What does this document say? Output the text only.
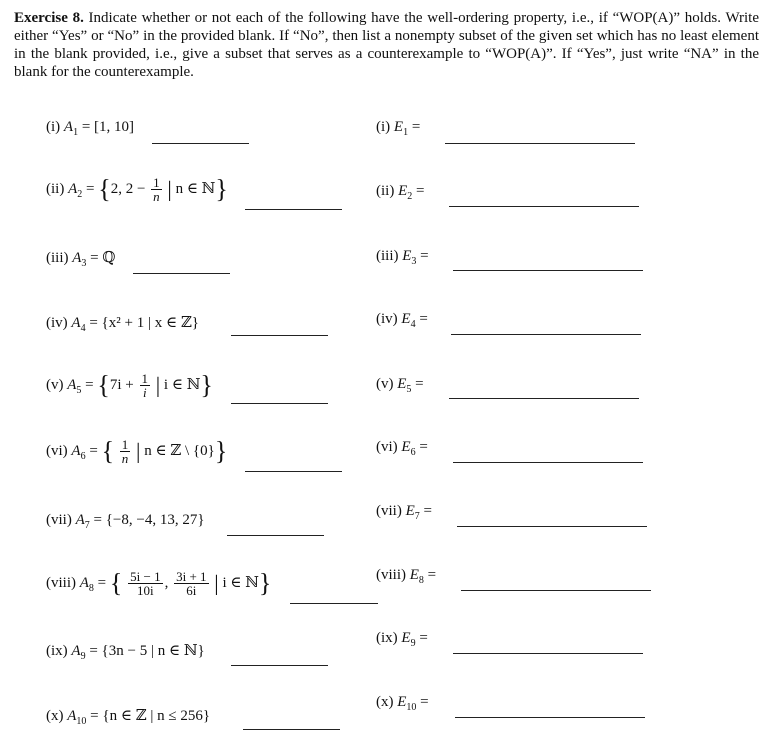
Exercise 8. Indicate whether or not each of the following have the well-ordering property, i.e., if “WOP(A)” holds. Write either “Yes” or “No” in the provided blank. If “No”, then list a nonempty subset of the given set which has no least element in the blank provided, i.e., give a subset that serves as a counterexample to “WOP(A)”. If “Yes”, just write “NA” in the blank for the counterexample.
(i) $A_1 = [1$, 10]
(ii) $A_2 = \{2$, $2 - \frac{1}{n}$ | n ∈ ℕ}
(iii) $A_3$ = ℚ
(iv) $A_4 = \{x^2 + 1$ | x ∈ ℤ}
(v) $A_5 = \{7i + \frac{1}{i}$ | i ∈ ℕ}
(vi) $A_6$ = { $\frac{1}{n}$ | n ∈ ℤ \ {0}}
(vii) $A_7 = \{-8$, −4, 13, 27}
(viii) $A_8$ = { $\frac{5i - 1}{10i}$ , $\frac{3i + 1}{6i}$ | i ∈ ℕ}
(ix) $A_9 = \{3n - 5$ | n ∈ ℕ}
(x) $A_{10} = \{n$ ∈ ℤ | n ≤ 256}
(i) $E_1$ =
(ii) $E_2$ =
(iii) $E_3$ =
(iv) $E_4$ =
(v) $E_5$ =
(vi) $E_6$ =
(vii) $E_7$ =
(viii) $E_8$ =
(ix) $E_9$ =
(x) $E_{10}$ =
